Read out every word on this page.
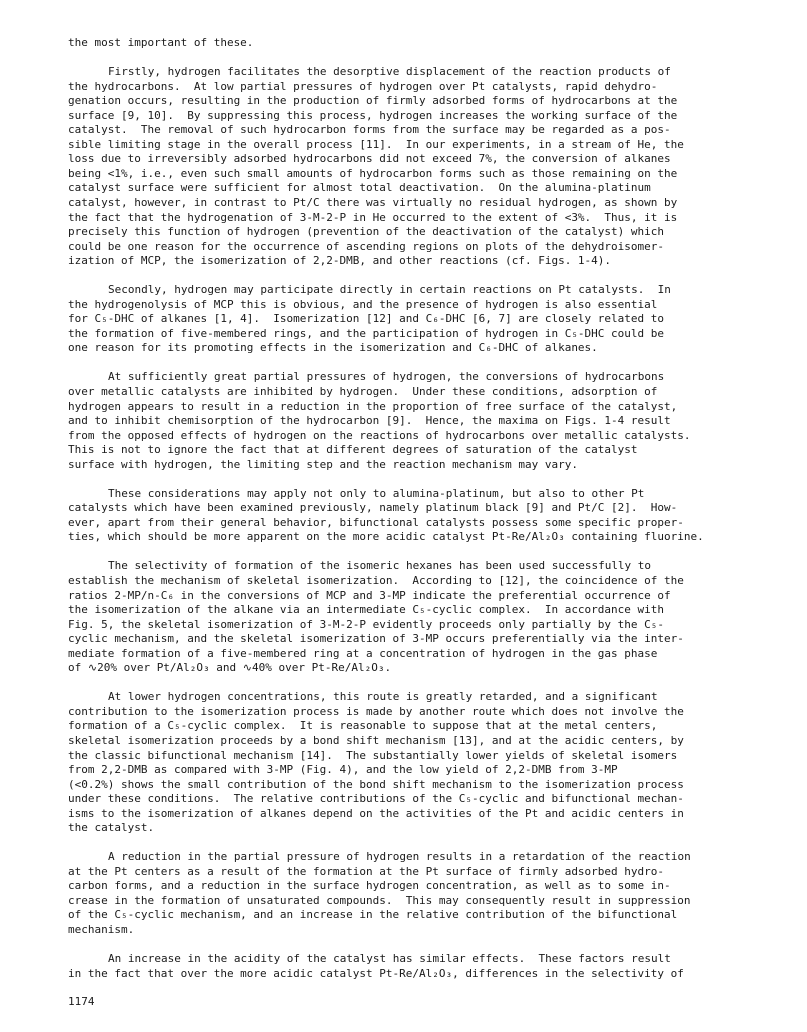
the most important of these.
Firstly, hydrogen facilitates the desorptive displacement of the reaction products of
the hydrocarbons.  At low partial pressures of hydrogen over Pt catalysts, rapid dehydro-
genation occurs, resulting in the production of firmly adsorbed forms of hydrocarbons at the
surface [9, 10].  By suppressing this process, hydrogen increases the working surface of the
catalyst.  The removal of such hydrocarbon forms from the surface may be regarded as a pos-
sible limiting stage in the overall process [11].  In our experiments, in a stream of He, the
loss due to irreversibly adsorbed hydrocarbons did not exceed 7%, the conversion of alkanes
being <1%, i.e., even such small amounts of hydrocarbon forms such as those remaining on the
catalyst surface were sufficient for almost total deactivation.  On the alumina-platinum
catalyst, however, in contrast to Pt/C there was virtually no residual hydrogen, as shown by
the fact that the hydrogenation of 3-M-2-P in He occurred to the extent of <3%.  Thus, it is
precisely this function of hydrogen (prevention of the deactivation of the catalyst) which
could be one reason for the occurrence of ascending regions on plots of the dehydroisomer-
ization of MCP, the isomerization of 2,2-DMB, and other reactions (cf. Figs. 1-4).
Secondly, hydrogen may participate directly in certain reactions on Pt catalysts.  In
the hydrogenolysis of MCP this is obvious, and the presence of hydrogen is also essential
for C₅-DHC of alkanes [1, 4].  Isomerization [12] and C₆-DHC [6, 7] are closely related to
the formation of five-membered rings, and the participation of hydrogen in C₅-DHC could be
one reason for its promoting effects in the isomerization and C₆-DHC of alkanes.
At sufficiently great partial pressures of hydrogen, the conversions of hydrocarbons
over metallic catalysts are inhibited by hydrogen.  Under these conditions, adsorption of
hydrogen appears to result in a reduction in the proportion of free surface of the catalyst,
and to inhibit chemisorption of the hydrocarbon [9].  Hence, the maxima on Figs. 1-4 result
from the opposed effects of hydrogen on the reactions of hydrocarbons over metallic catalysts.
This is not to ignore the fact that at different degrees of saturation of the catalyst
surface with hydrogen, the limiting step and the reaction mechanism may vary.
These considerations may apply not only to alumina-platinum, but also to other Pt
catalysts which have been examined previously, namely platinum black [9] and Pt/C [2].  How-
ever, apart from their general behavior, bifunctional catalysts possess some specific proper-
ties, which should be more apparent on the more acidic catalyst Pt-Re/Al₂O₃ containing fluorine.
The selectivity of formation of the isomeric hexanes has been used successfully to
establish the mechanism of skeletal isomerization.  According to [12], the coincidence of the
ratios 2-MP/n-C₆ in the conversions of MCP and 3-MP indicate the preferential occurrence of
the isomerization of the alkane via an intermediate C₅-cyclic complex.  In accordance with
Fig. 5, the skeletal isomerization of 3-M-2-P evidently proceeds only partially by the C₅-
cyclic mechanism, and the skeletal isomerization of 3-MP occurs preferentially via the inter-
mediate formation of a five-membered ring at a concentration of hydrogen in the gas phase
of ∿20% over Pt/Al₂O₃ and ∿40% over Pt-Re/Al₂O₃.
At lower hydrogen concentrations, this route is greatly retarded, and a significant
contribution to the isomerization process is made by another route which does not involve the
formation of a C₅-cyclic complex.  It is reasonable to suppose that at the metal centers,
skeletal isomerization proceeds by a bond shift mechanism [13], and at the acidic centers, by
the classic bifunctional mechanism [14].  The substantially lower yields of skeletal isomers
from 2,2-DMB as compared with 3-MP (Fig. 4), and the low yield of 2,2-DMB from 3-MP
(<0.2%) shows the small contribution of the bond shift mechanism to the isomerization process
under these conditions.  The relative contributions of the C₅-cyclic and bifunctional mechan-
isms to the isomerization of alkanes depend on the activities of the Pt and acidic centers in
the catalyst.
A reduction in the partial pressure of hydrogen results in a retardation of the reaction
at the Pt centers as a result of the formation at the Pt surface of firmly adsorbed hydro-
carbon forms, and a reduction in the surface hydrogen concentration, as well as to some in-
crease in the formation of unsaturated compounds.  This may consequently result in suppression
of the C₅-cyclic mechanism, and an increase in the relative contribution of the bifunctional
mechanism.
An increase in the acidity of the catalyst has similar effects.  These factors result
in the fact that over the more acidic catalyst Pt-Re/Al₂O₃, differences in the selectivity of
1174
